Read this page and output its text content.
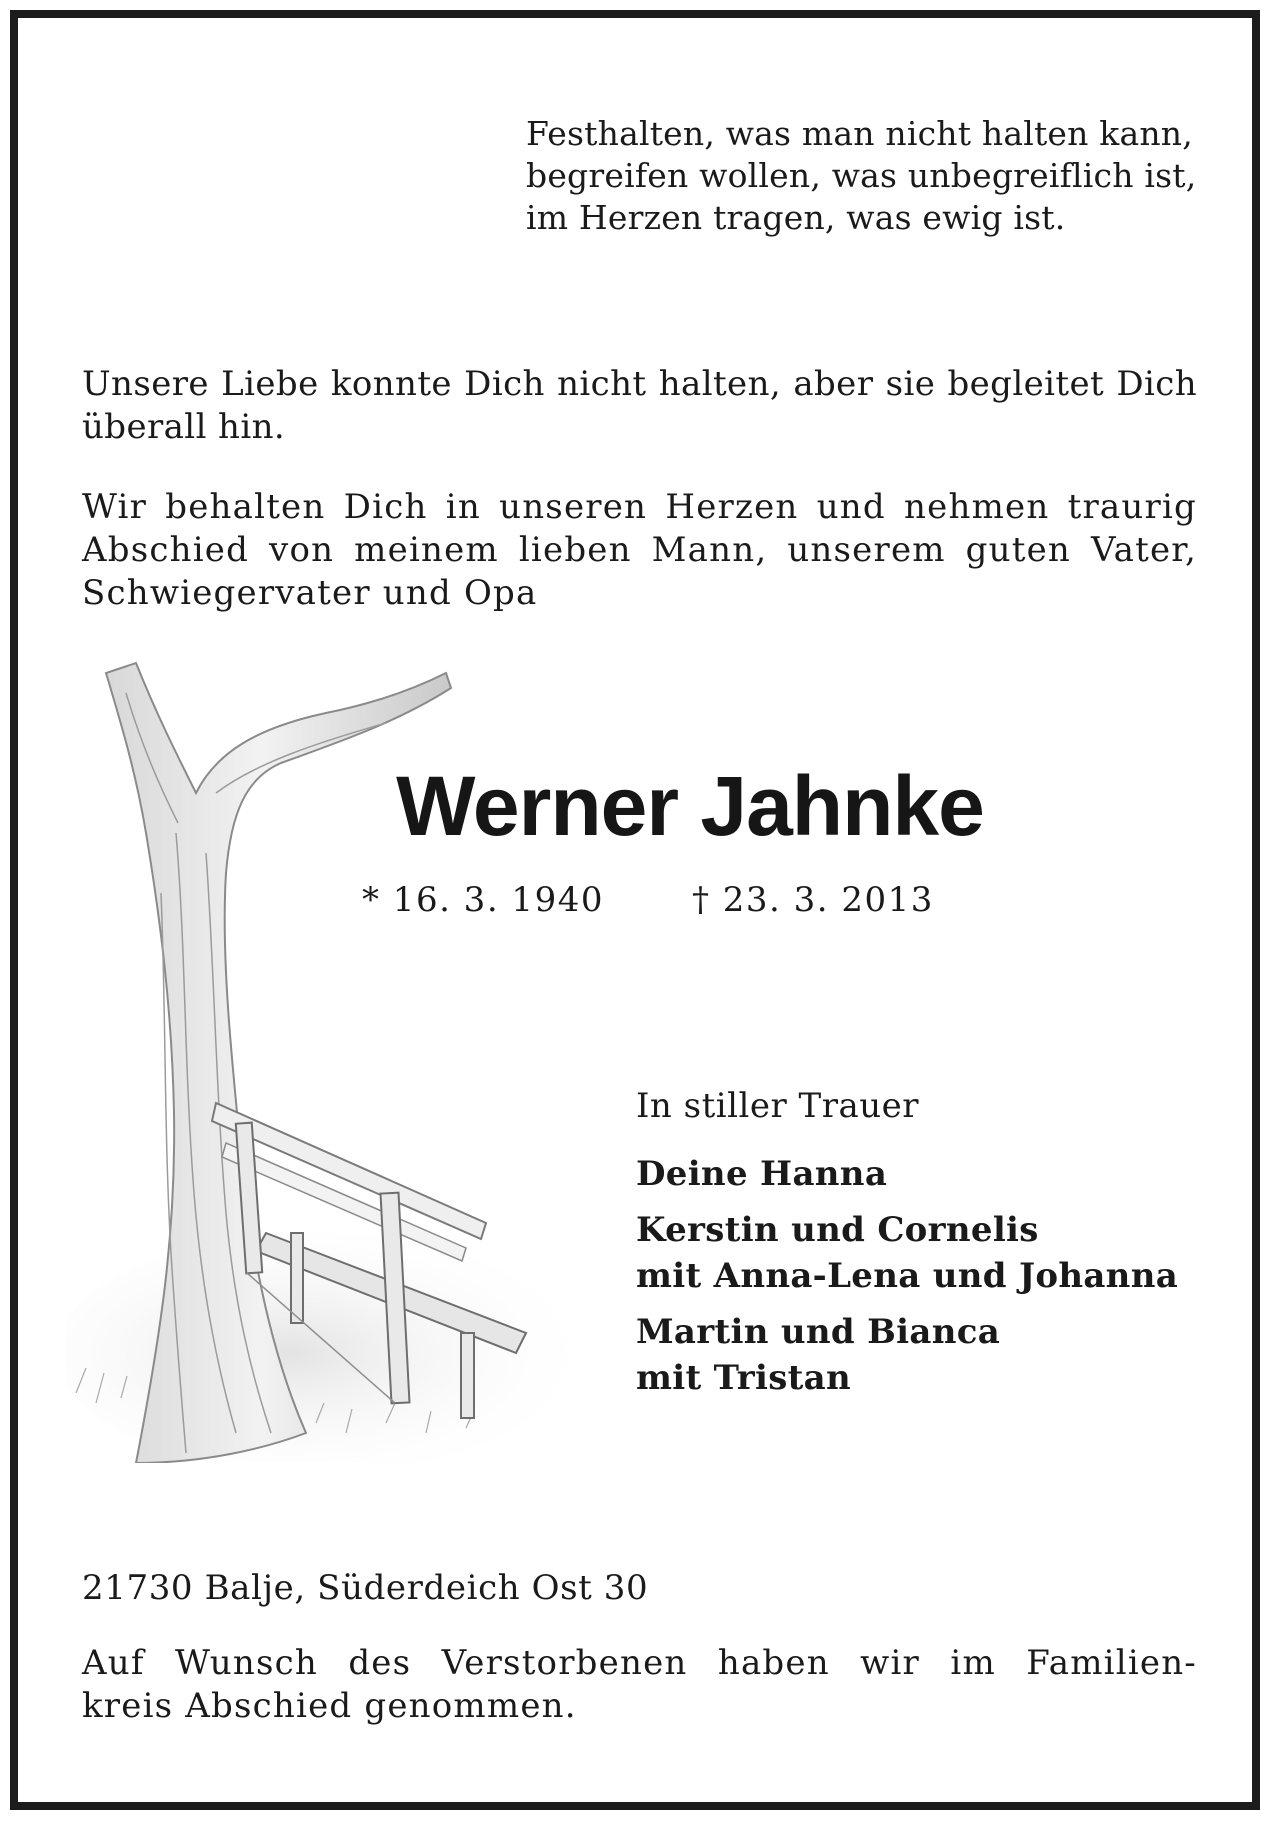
Festhalten, was man nicht halten kann,
begreifen wollen, was unbegreiflich ist,
im Herzen tragen, was ewig ist.
Unsere Liebe konnte Dich nicht halten, aber sie begleitet Dich überall hin.
Wir behalten Dich in unseren Herzen und nehmen traurig Abschied von meinem lieben Mann, unserem guten Vater, Schwiegervater und Opa
Werner Jahnke
* 16. 3. 1940	† 23. 3. 2013
In stiller Trauer
Deine Hanna
Kerstin und Cornelis
mit Anna-Lena und Johanna
Martin und Bianca
mit Tristan
21730 Balje, Süderdeich Ost 30
Auf Wunsch des Verstorbenen haben wir im Familien-
kreis Abschied genommen.
